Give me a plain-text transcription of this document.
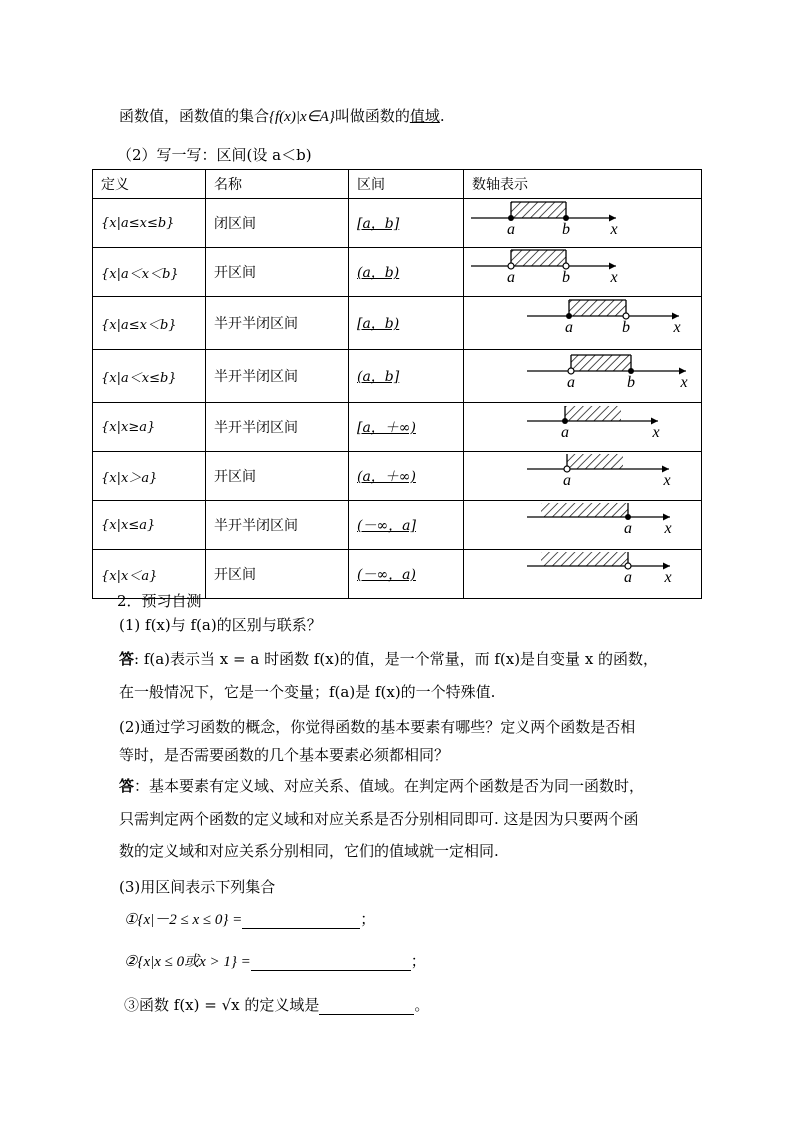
函数值，函数值的集合{f(x)|x∈A}叫做函数的值域.
（2）写一写：区间(设 a＜b)
定义	名称	区间	数轴表示
{x|a≤x≤b}	闭区间	[a，b]	a b x

{x|a＜x＜b}	开区间	(a，b)	a b x

{x|a≤x＜b}	半开半闭区间	[a，b)	a b x

{x|a＜x≤b}	半开半闭区间	(a，b]	a b x

{x|x≥a}	半开半闭区间	[a，＋∞)	a x

{x|x＞a}	开区间	(a，＋∞)	a x

{x|x≤a}	半开半闭区间	(－∞，a]	a x

{x|x＜a}	开区间	(－∞，a)	a x
2．预习自测
(1) f(x)与 f(a)的区别与联系？
答: f(a)表示当 x = a 时函数 f(x)的值，是一个常量，而 f(x)是自变量 x 的函数，
在一般情况下，它是一个变量；f(a)是 f(x)的一个特殊值.
(2)通过学习函数的概念，你觉得函数的基本要素有哪些？定义两个函数是否相
等时，是否需要函数的几个基本要素必须都相同？
答：基本要素有定义域、对应关系、值域。在判定两个函数是否为同一函数时，
只需判定两个函数的定义域和对应关系是否分别相同即可. 这是因为只要两个函
数的定义域和对应关系分别相同，它们的值域就一定相同.
(3)用区间表示下列集合
①{x|－2 ≤ x ≤ 0} =	；
②{x|x ≤ 0或x > 1} =	；
③函数 f(x) = √x 的定义域是	。
